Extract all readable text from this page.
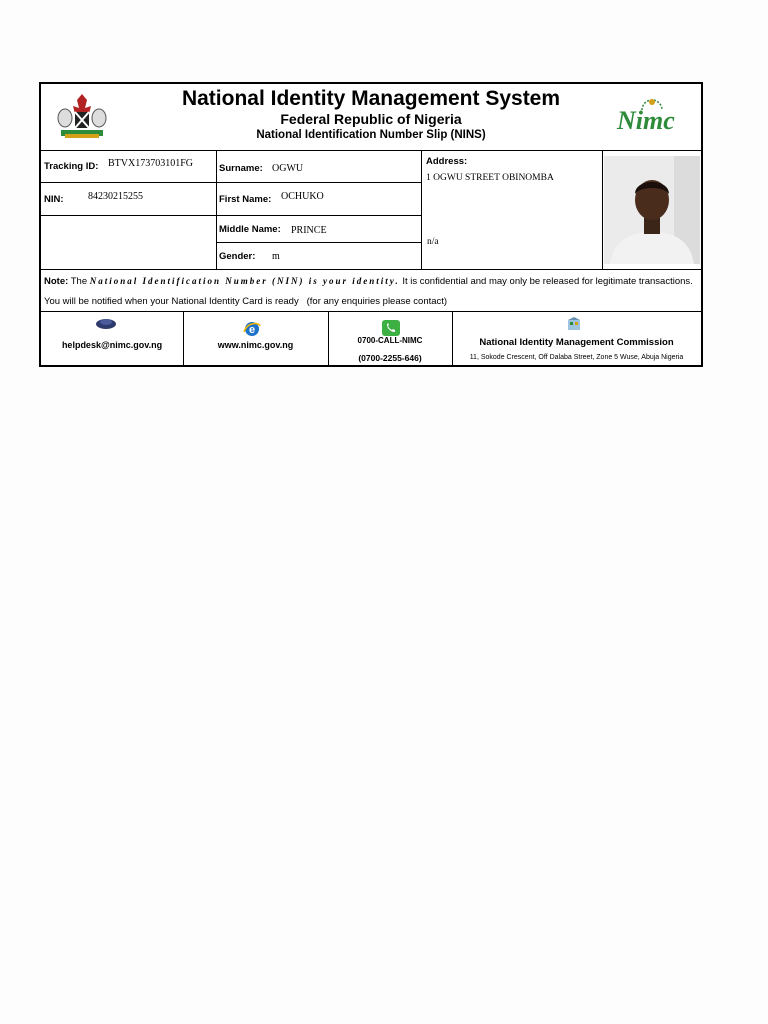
National Identity Management System
Federal Republic of Nigeria
National Identification Number Slip (NINS)	Nimc
Tracking ID: BTVX173703101FG
NIN: 84230215255
Surname: OGWU
First Name: OCHUKO
Middle Name: PRINCE
Gender: m
Address:
1 OGWU STREET OBINOMBA
n/a
Note: The National Identification Number (NIN) is your identity. It is confidential and may only be released for legitimate transactions.
You will be notified when your National Identity Card is ready   (for any enquiries please contact)
helpdesk@nimc.gov.ng
e
www.nimc.gov.ng	0700-CALL-NIMC
(0700-2255-646)
National Identity Management Commission
11, Sokode Crescent, Off Dalaba Street, Zone 5 Wuse, Abuja Nigeria
